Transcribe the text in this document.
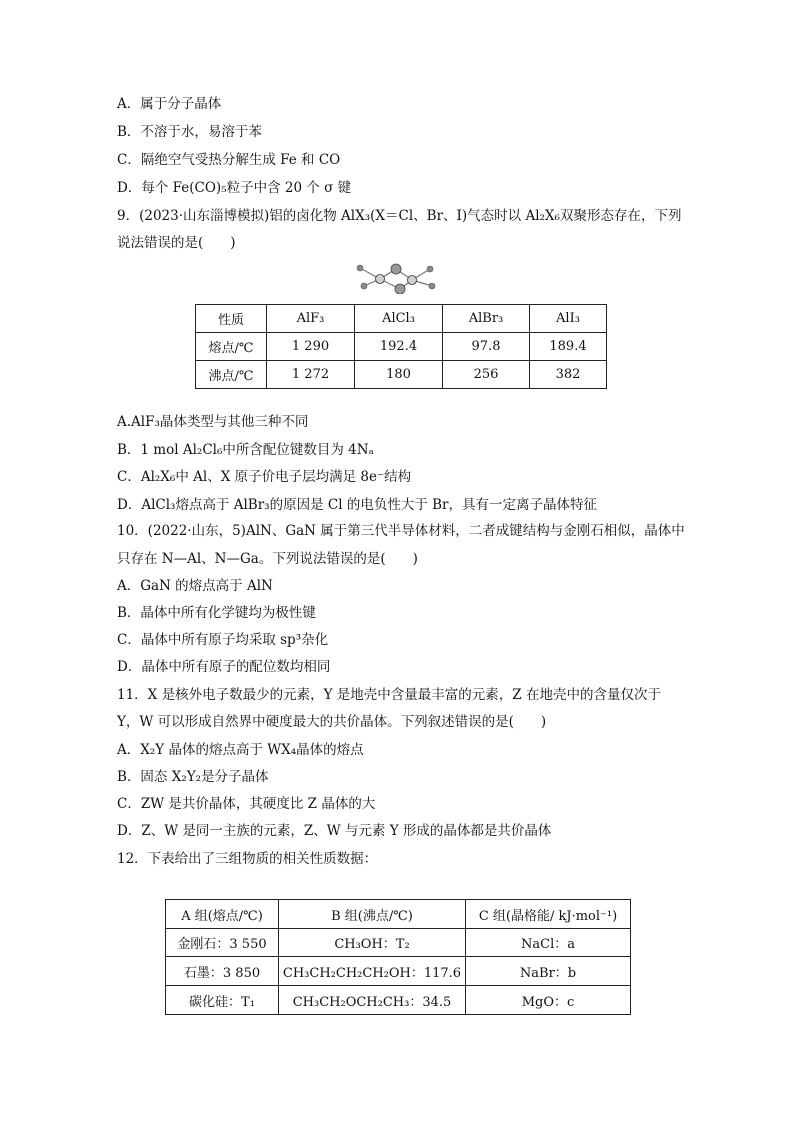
A．属于分子晶体
B．不溶于水，易溶于苯
C．隔绝空气受热分解生成 Fe 和 CO
D．每个 Fe(CO)₅粒子中含 20 个 σ 键
9．(2023·山东淄博模拟)铝的卤化物 AlX₃(X＝Cl、Br、I)气态时以 Al₂X₆双聚形态存在，下列
说法错误的是(　　)
性质	AlF₃	AlCl₃	AlBr₃	AlI₃
熔点/℃	1 290	192.4	97.8	189.4
沸点/℃	1 272	180	256	382
A.AlF₃晶体类型与其他三种不同
B．1 mol Al₂Cl₆中所含配位键数目为 4Nₐ
C．Al₂X₆中 Al、X 原子价电子层均满足 8e⁻结构
D．AlCl₃熔点高于 AlBr₃的原因是 Cl 的电负性大于 Br，具有一定离子晶体特征
10．(2022·山东，5)AlN、GaN 属于第三代半导体材料，二者成键结构与金刚石相似，晶体中
只存在 N—Al、N—Ga。下列说法错误的是(　　)
A．GaN 的熔点高于 AlN
B．晶体中所有化学键均为极性键
C．晶体中所有原子均采取 sp³杂化
D．晶体中所有原子的配位数均相同
11．X 是核外电子数最少的元素，Y 是地壳中含量最丰富的元素，Z 在地壳中的含量仅次于
Y，W 可以形成自然界中硬度最大的共价晶体。下列叙述错误的是(　　)
A．X₂Y 晶体的熔点高于 WX₄晶体的熔点
B．固态 X₂Y₂是分子晶体
C．ZW 是共价晶体，其硬度比 Z 晶体的大
D．Z、W 是同一主族的元素，Z、W 与元素 Y 形成的晶体都是共价晶体
12．下表给出了三组物质的相关性质数据：
A 组(熔点/℃)	B 组(沸点/℃)	C 组(晶格能/ kJ·mol⁻¹)
金刚石：3 550	CH₃OH：T₂	NaCl：a
石墨：3 850	CH₃CH₂CH₂CH₂OH：117.6	NaBr：b
碳化硅：T₁	CH₃CH₂OCH₂CH₃：34.5	MgO：c
